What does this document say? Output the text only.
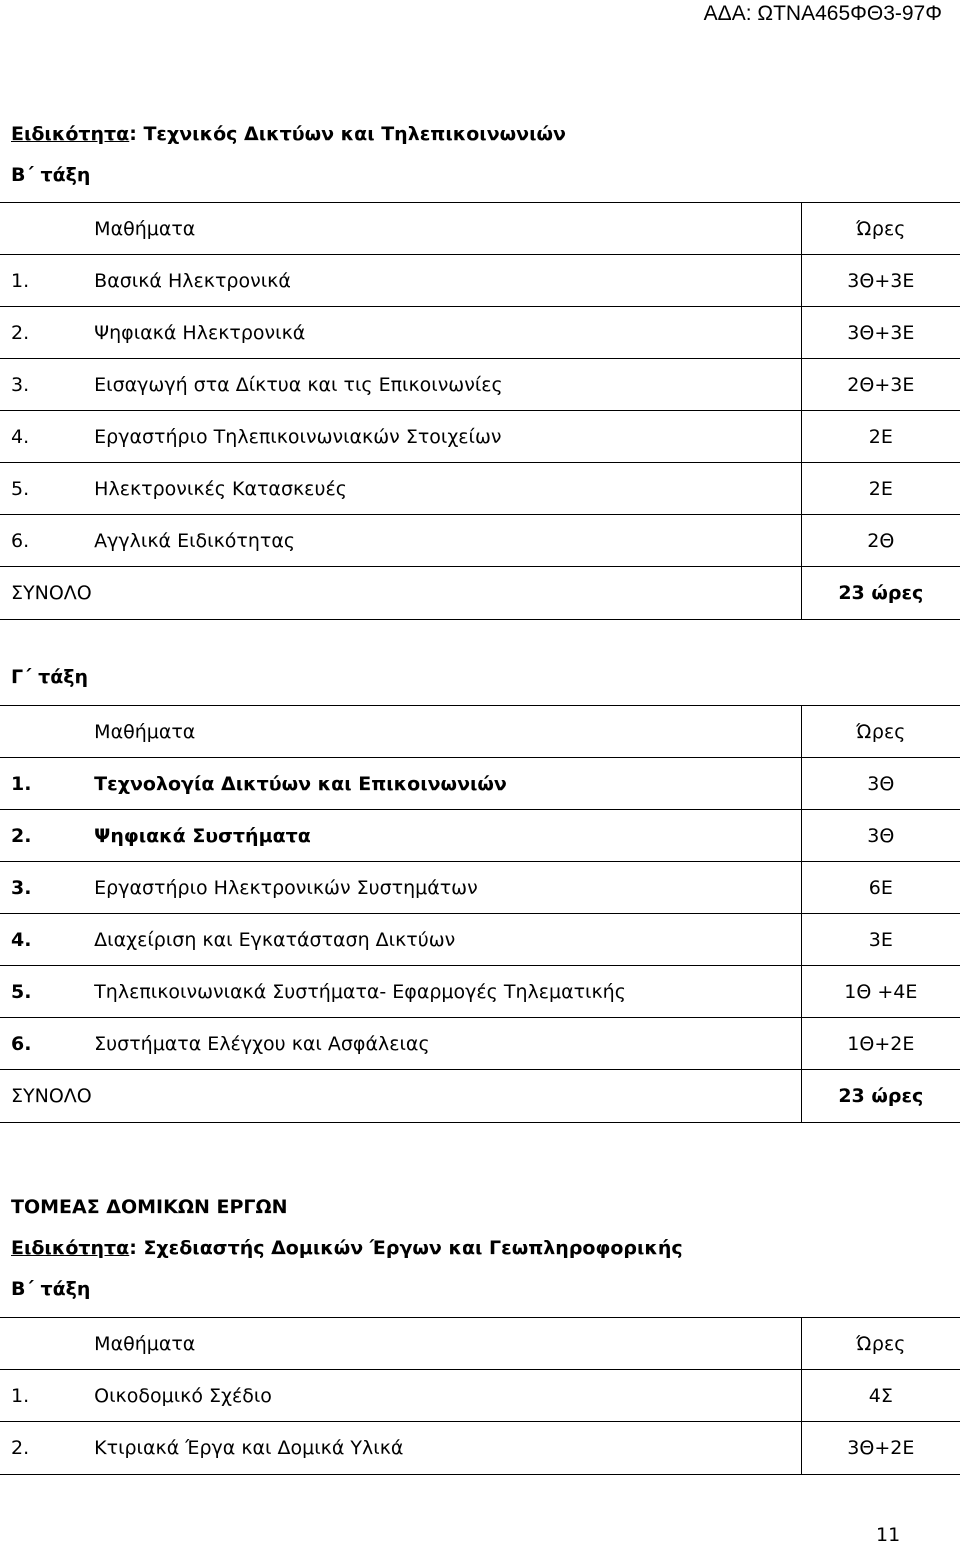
ΑΔΑ: ΩΤΝΑ465ΦΘ3-97Φ
Ειδικότητα: Τεχνικός Δικτύων και Τηλεπικοινωνιών
Β΄ τάξη
	Μαθήματα	Ώρες
1.	Βασικά Ηλεκτρονικά	3Θ+3Ε
2.	Ψηφιακά Ηλεκτρονικά	3Θ+3Ε
3.	Εισαγωγή στα Δίκτυα και τις Επικοινωνίες	2Θ+3Ε
4.	Εργαστήριο Τηλεπικοινωνιακών Στοιχείων	2Ε
5.	Ηλεκτρονικές Κατασκευές	2Ε
6.	Αγγλικά Ειδικότητας	2Θ
ΣΥΝΟΛΟ		23 ώρες
Γ΄ τάξη
	Μαθήματα	Ώρες
1.	Τεχνολογία Δικτύων και Επικοινωνιών	3Θ
2.	Ψηφιακά Συστήματα	3Θ
3.	Εργαστήριο Ηλεκτρονικών Συστημάτων	6Ε
4.	Διαχείριση και Εγκατάσταση Δικτύων	3Ε
5.	Τηλεπικοινωνιακά Συστήματα- Εφαρμογές Τηλεματικής	1Θ +4Ε
6.	Συστήματα Ελέγχου και Ασφάλειας	1Θ+2Ε
ΣΥΝΟΛΟ		23 ώρες
ΤΟΜΕΑΣ ΔΟΜΙΚΩΝ ΕΡΓΩΝ
Ειδικότητα: Σχεδιαστής Δομικών Έργων και Γεωπληροφορικής
Β΄ τάξη
	Μαθήματα	Ώρες
1.	Οικοδομικό Σχέδιο	4Σ
2.	Κτιριακά Έργα και Δομικά Υλικά	3Θ+2Ε
11
